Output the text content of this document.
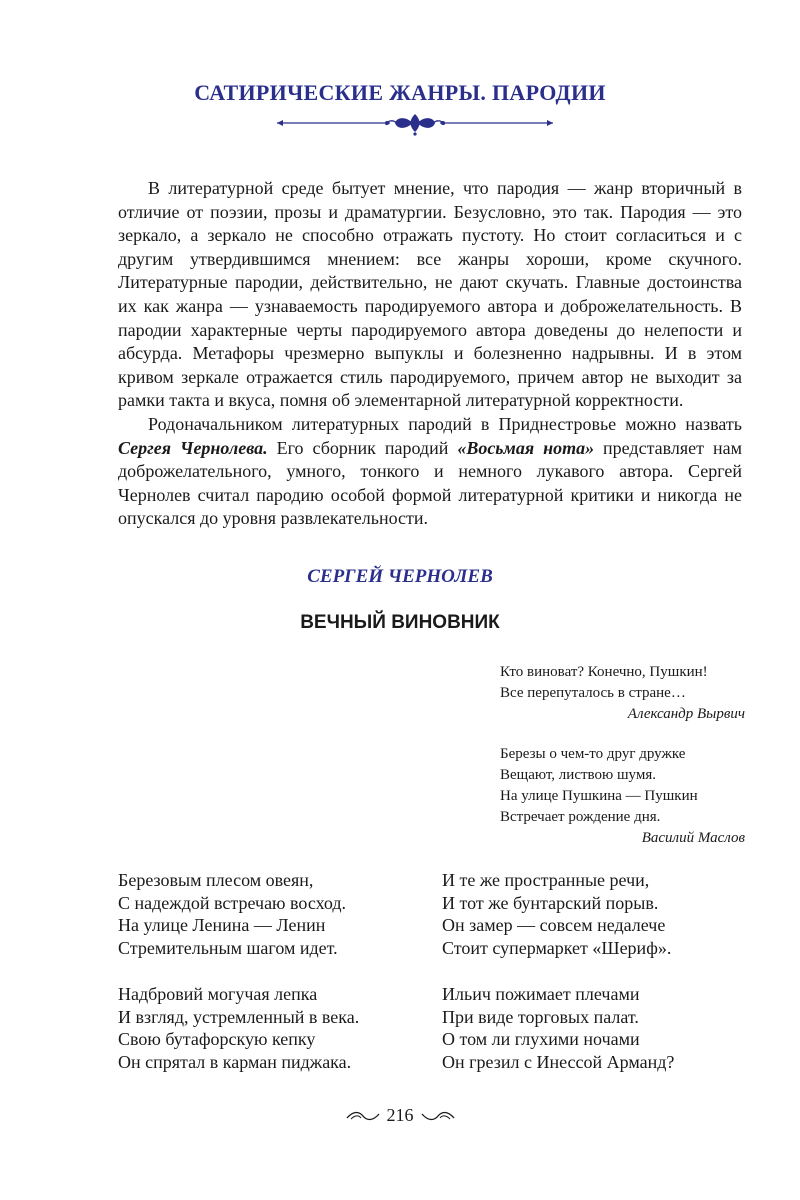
САТИРИЧЕСКИЕ ЖАНРЫ. ПАРОДИИ

В литературной среде бытует мнение, что пародия — жанр вторичный в отличие от поэзии, прозы и драматургии. Безусловно, это так. Пародия — это зеркало, а зеркало не способно отражать пустоту. Но стоит согласиться и с другим утвердившимся мнением: все жанры хороши, кроме скучного. Литературные пародии, действительно, не дают скучать. Главные достоинства их как жанра — узнаваемость пародируемого автора и доброжелательность. В пародии характерные черты пародируемого автора доведены до нелепости и абсурда. Метафоры чрезмерно выпуклы и болезненно надрывны. И в этом кривом зеркале отражается стиль пародируемого, причем автор не выходит за рамки такта и вкуса, помня об элементарной литературной корректности.

Родоначальником литературных пародий в Приднестровье можно назвать Сергея Чернолева. Его сборник пародий «Восьмая нота» представляет нам доброжелательного, умного, тонкого и немного лукавого автора. Сергей Чернолев считал пародию особой формой литературной критики и никогда не опускался до уровня развлекательности.

СЕРГЕЙ ЧЕРНОЛЕВ
ВЕЧНЫЙ ВИНОВНИК
Кто виноват? Конечно, Пушкин!
Все перепуталось в стране…
Александр Вырвич
Березы о чем-то друг дружке
Вещают, листвою шумя.
На улице Пушкина — Пушкин
Встречает рождение дня.
Василий Маслов
Березовым плесом овеян,
С надеждой встречаю восход.
На улице Ленина — Ленин
Стремительным шагом идет.
Надбровий могучая лепка
И взгляд, устремленный в века.
Свою бутафорскую кепку
Он спрятал в карман пиджака.
И те же пространные речи,
И тот же бунтарский порыв.
Он замер — совсем недалече
Стоит супермаркет «Шериф».
Ильич пожимает плечами
При виде торговых палат.
О том ли глухими ночами
Он грезил с Инессой Арманд?
216
